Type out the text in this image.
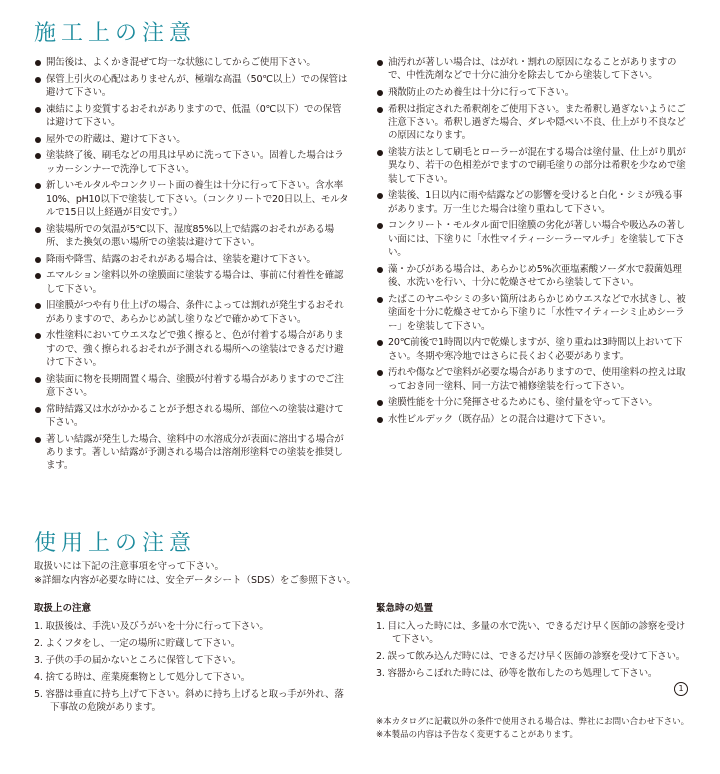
施工上の注意
開缶後は、よくかき混ぜて均一な状態にしてからご使用下さい。
保管上引火の心配はありませんが、極端な高温（50℃以上）での保管は避けて下さい。
凍結により変質するおそれがありますので、低温（0℃以下）での保管は避けて下さい。
屋外での貯蔵は、避けて下さい。
塗装終了後、刷毛などの用具は早めに洗って下さい。固着した場合はラッカーシンナーで洗浄して下さい。
新しいモルタルやコンクリート面の養生は十分に行って下さい。含水率10%、pH10以下で塗装して下さい。（コンクリートで20日以上、モルタルで15日以上経過が目安です。）
塗装場所での気温が5℃以下、湿度85%以上で結露のおそれがある場所、また換気の悪い場所での塗装は避けて下さい。
降雨や降雪、結露のおそれがある場合は、塗装を避けて下さい。
エマルション塗料以外の塗膜面に塗装する場合は、事前に付着性を確認して下さい。
旧塗膜がつや有り仕上げの場合、条件によっては割れが発生するおそれがありますので、あらかじめ試し塗りなどで確かめて下さい。
水性塗料においてウエスなどで強く擦ると、色が付着する場合がありますので、強く擦られるおそれが予測される場所への塗装はできるだけ避けて下さい。
塗装面に物を長期間置く場合、塗膜が付着する場合がありますのでご注意下さい。
常時結露又は水がかかることが予想される場所、部位への塗装は避けて下さい。
著しい結露が発生した場合、塗料中の水溶成分が表面に溶出する場合があります。著しい結露が予測される場合は溶剤形塗料での塗装を推奨します。
油汚れが著しい場合は、はがれ・割れの原因になることがありますので、中性洗剤などで十分に油分を除去してから塗装して下さい。
飛散防止のため養生は十分に行って下さい。
希釈は指定された希釈剤をご使用下さい。また希釈し過ぎないようにご注意下さい。希釈し過ぎた場合、ダレや隠ぺい不良、仕上がり不良などの原因になります。
塗装方法として刷毛とローラーが混在する場合は塗付量、仕上がり肌が異なり、若干の色相差がでますので刷毛塗りの部分は希釈を少なめで塗装して下さい。
塗装後、1日以内に雨や結露などの影響を受けると白化・シミが残る事があります。万一生じた場合は塗り重ねして下さい。
コンクリート・モルタル面で旧塗膜の劣化が著しい場合や吸込みの著しい面には、下塗りに「水性マイティーシーラーマルチ」を塗装して下さい。
藻・かびがある場合は、あらかじめ5%次亜塩素酸ソーダ水で殺菌処理後、水洗いを行い、十分に乾燥させてから塗装して下さい。
たばこのヤニやシミの多い箇所はあらかじめウエスなどで水拭きし、被塗面を十分に乾燥させてから下塗りに「水性マイティーシミ止めシーラー」を塗装して下さい。
20℃前後で1時間以内で乾燥しますが、塗り重ねは3時間以上おいて下さい。冬期や寒冷地ではさらに長くおく必要があります。
汚れや傷などで塗料が必要な場合がありますので、使用塗料の控えは取っておき同一塗料、同一方法で補修塗装を行って下さい。
塗膜性能を十分に発揮させるためにも、塗付量を守って下さい。
水性ビルデック（既存品）との混合は避けて下さい。
使用上の注意
取扱いには下記の注意事項を守って下さい。
※詳細な内容が必要な時には、安全データシート（SDS）をご参照下さい。

取扱上の注意

1. 取扱後は、手洗い及びうがいを十分に行って下さい。
2. よくフタをし、一定の場所に貯蔵して下さい。
3. 子供の手の届かないところに保管して下さい。
4. 捨てる時は、産業廃棄物として処分して下さい。
5. 容器は垂直に持ち上げて下さい。斜めに持ち上げると取っ手が外れ、落下事故の危険があります。

緊急時の処置

1. 目に入った時には、多量の水で洗い、できるだけ早く医師の診察を受けて下さい。
2. 誤って飲み込んだ時には、できるだけ早く医師の診察を受けて下さい。
3. 容器からこぼれた時には、砂等を散布したのち処理して下さい。
1
※本カタログに記載以外の条件で使用される場合は、弊社にお問い合わせ下さい。
※本製品の内容は予告なく変更することがあります。
